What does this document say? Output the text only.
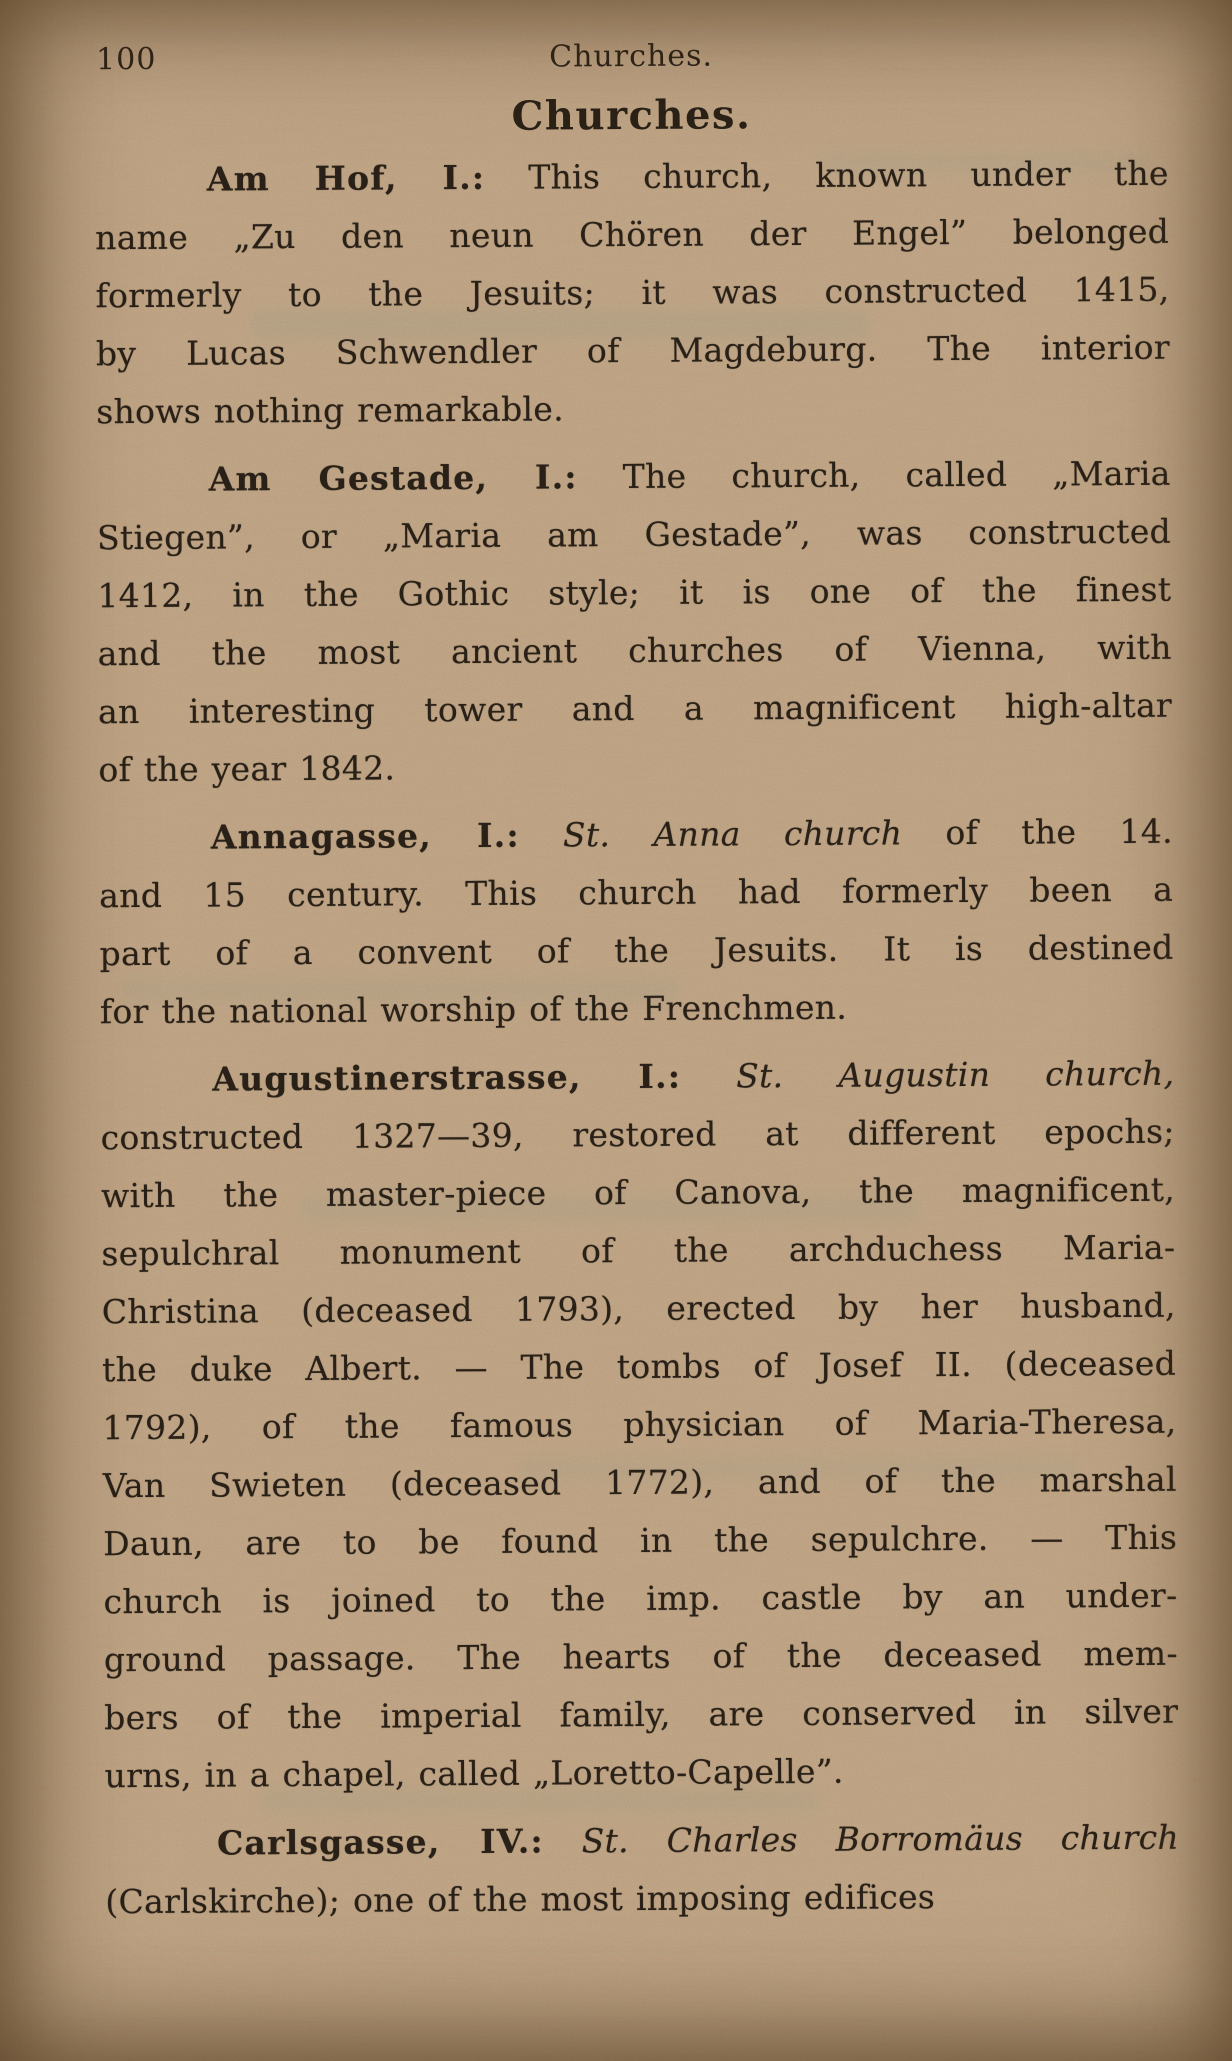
100	Churches.
Churches.

Am Hof, I.: This church, known under the
name „Zu den neun Chören der Engel” belonged
formerly to the Jesuits; it was constructed 1415,
by Lucas Schwendler of Magdeburg. The interior
shows nothing remarkable.

Am Gestade, I.: The church, called „Maria
Stiegen”, or „Maria am Gestade”, was constructed
1412, in the Gothic style; it is one of the finest
and the most ancient churches of Vienna, with
an interesting tower and a magnificent high-altar
of the year 1842.

Annagasse, I.: St. Anna church of the 14.
and 15 century. This church had formerly been a
part of a convent of the Jesuits. It is destined
for the national worship of the Frenchmen.

Augustinerstrasse, I.: St. Augustin church,
constructed 1327—39, restored at different epochs;
with the master-piece of Canova, the magnificent,
sepulchral monument of the archduchess Maria-
Christina (deceased 1793), erected by her husband,
the duke Albert. — The tombs of Josef II. (deceased
1792), of the famous physician of Maria-Theresa,
Van Swieten (deceased 1772), and of the marshal
Daun, are to be found in the sepulchre. — This
church is joined to the imp. castle by an under-
ground passage. The hearts of the deceased mem-
bers of the imperial family, are conserved in silver
urns, in a chapel, called „Loretto-Capelle”.

Carlsgasse, IV.: St. Charles Borromäus church
(Carlskirche); one of the most imposing edifices
